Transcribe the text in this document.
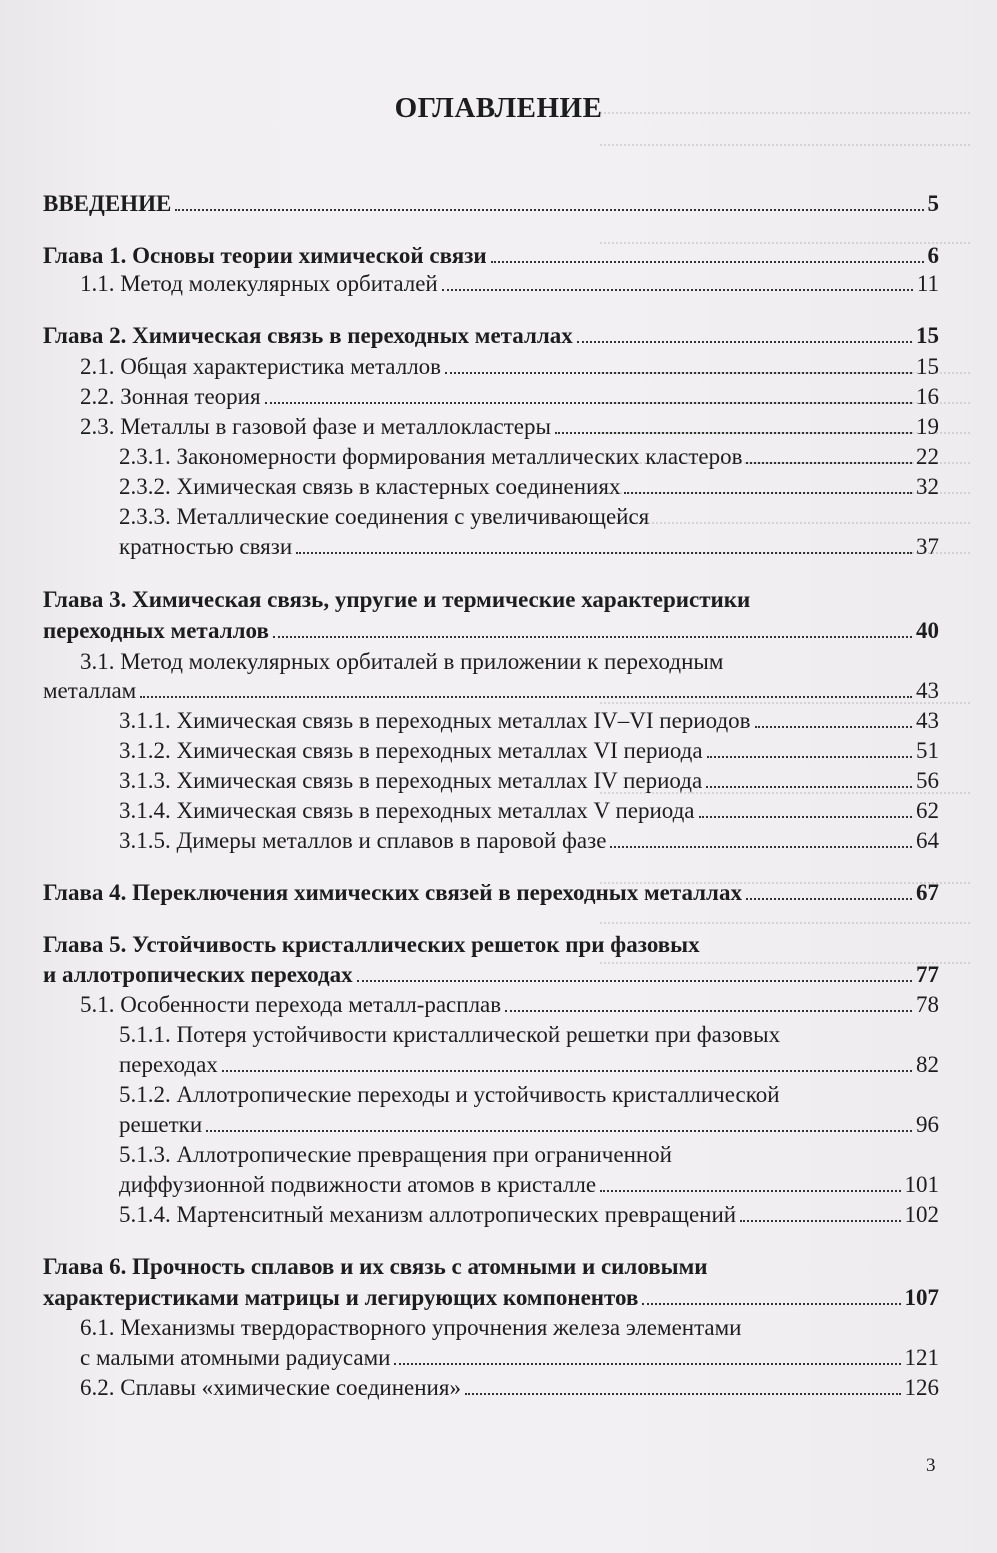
ОГЛАВЛЕНИЕ
ВВЕДЕНИЕ	5
Глава 1. Основы теории химической связи	6
1.1. Метод молекулярных орбиталей	11
Глава 2. Химическая связь в переходных металлах	15
2.1. Общая характеристика металлов	15
2.2. Зонная теория	16
2.3. Металлы в газовой фазе и металлокластеры	19
2.3.1. Закономерности формирования металлических кластеров	22
2.3.2. Химическая связь в кластерных соединениях	32
2.3.3. Металлические соединения с увеличивающейся
кратностью связи	37
Глава 3. Химическая связь, упругие и термические характеристики
переходных металлов	40
3.1. Метод молекулярных орбиталей в приложении к переходным
металлам	43
3.1.1. Химическая связь в переходных металлах IV–VI периодов	43
3.1.2. Химическая связь в переходных металлах VI периода	51
3.1.3. Химическая связь в переходных металлах IV периода	56
3.1.4. Химическая связь в переходных металлах V периода	62
3.1.5. Димеры металлов и сплавов в паровой фазе	64
Глава 4. Переключения химических связей в переходных металлах	67
Глава 5. Устойчивость кристаллических решеток при фазовых
и аллотропических переходах	77
5.1. Особенности перехода металл-расплав	78
5.1.1. Потеря устойчивости кристаллической решетки при фазовых
переходах	82
5.1.2. Аллотропические переходы и устойчивость кристаллической
решетки	96
5.1.3. Аллотропические превращения при ограниченной
диффузионной подвижности атомов в кристалле	101
5.1.4. Мартенситный механизм аллотропических превращений	102
Глава 6. Прочность сплавов и их связь с атомными и силовыми
характеристиками матрицы и легирующих компонентов	107
6.1. Механизмы твердорастворного упрочнения железа элементами
с малыми атомными радиусами	121
6.2. Сплавы «химические соединения»	126
3
